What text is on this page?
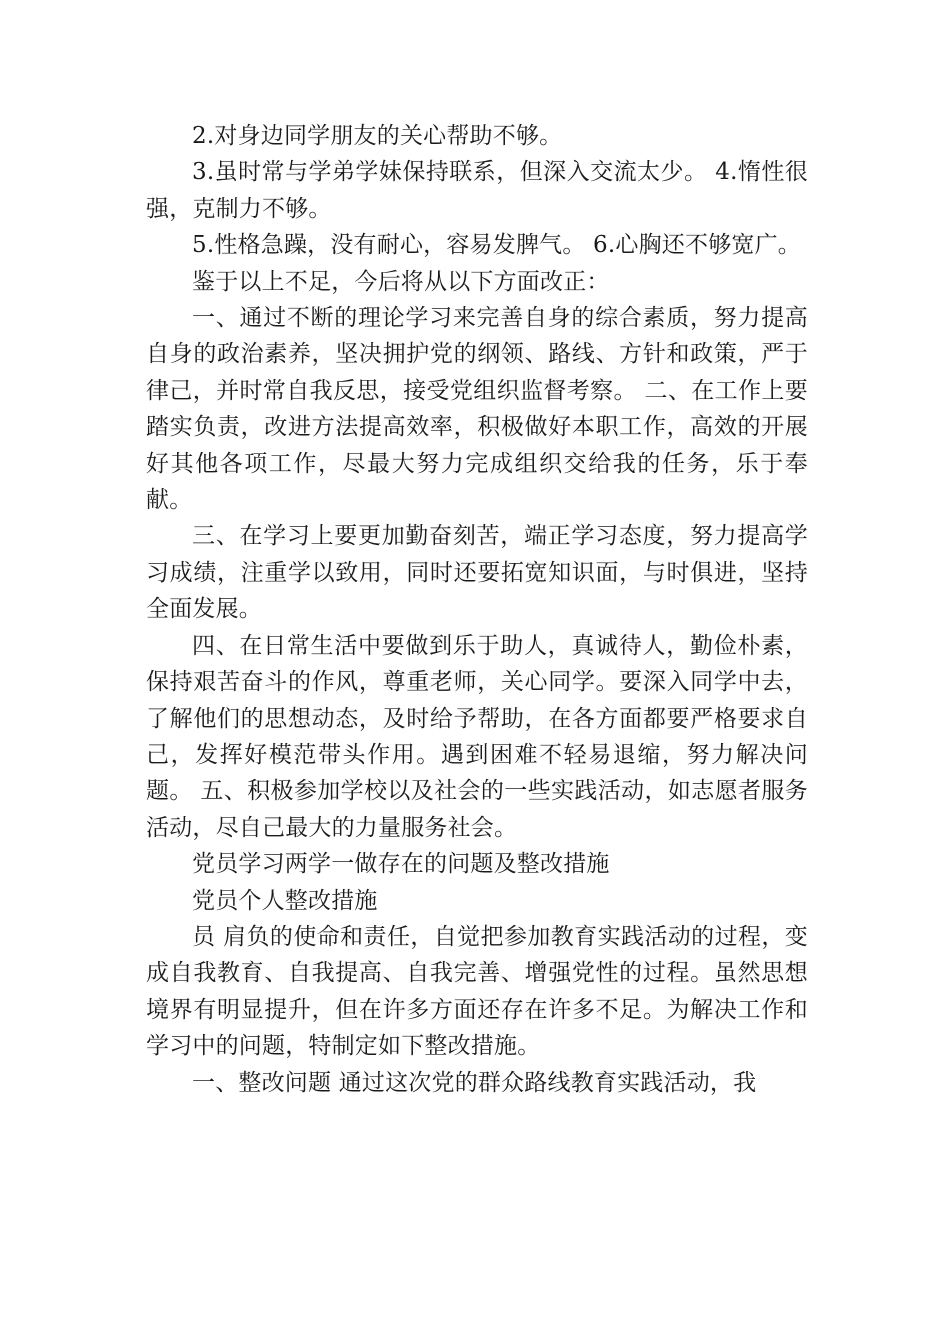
2.对身边同学朋友的关心帮助不够。

3.虽时常与学弟学妹保持联系，但深入交流太少。 4.惰性很强，克制力不够。

5.性格急躁，没有耐心，容易发脾气。 6.心胸还不够宽广。

鉴于以上不足，今后将从以下方面改正：

一、通过不断的理论学习来完善自身的综合素质，努力提高自身的政治素养，坚决拥护党的纲领、路线、方针和政策，严于律己，并时常自我反思，接受党组织监督考察。 二、在工作上要踏实负责，改进方法提高效率，积极做好本职工作，高效的开展好其他各项工作，尽最大努力完成组织交给我的任务，乐于奉献。

三、在学习上要更加勤奋刻苦，端正学习态度，努力提高学习成绩，注重学以致用，同时还要拓宽知识面，与时俱进，坚持全面发展。

四、在日常生活中要做到乐于助人，真诚待人，勤俭朴素，保持艰苦奋斗的作风，尊重老师，关心同学。要深入同学中去，了解他们的思想动态，及时给予帮助，在各方面都要严格要求自己，发挥好模范带头作用。遇到困难不轻易退缩，努力解决问题。 五、积极参加学校以及社会的一些实践活动，如志愿者服务活动，尽自己最大的力量服务社会。

党员学习两学一做存在的问题及整改措施

党员个人整改措施

员 肩负的使命和责任，自觉把参加教育实践活动的过程，变成自我教育、自我提高、自我完善、增强党性的过程。虽然思想境界有明显提升，但在许多方面还存在许多不足。为解决工作和学习中的问题，特制定如下整改措施。

一、整改问题 通过这次党的群众路线教育实践活动，我
